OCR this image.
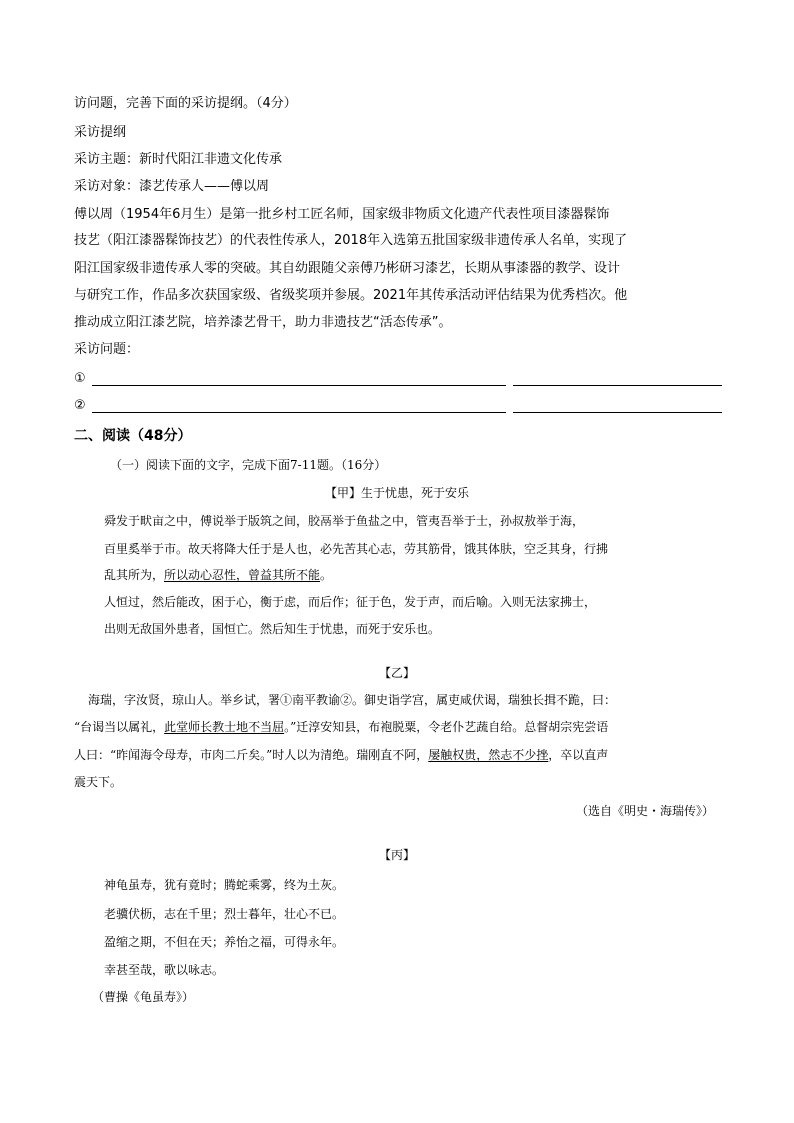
访问题，完善下面的采访提纲。（4分）
采访提纲
采访主题：新时代阳江非遗文化传承
采访对象：漆艺传承人——傅以周
傅以周（1954年6月生）是第一批乡村工匠名师，国家级非物质文化遗产代表性项目漆器髹饰
技艺（阳江漆器髹饰技艺）的代表性传承人，2018年入选第五批国家级非遗传承人名单，实现了
阳江国家级非遗传承人零的突破。其自幼跟随父亲傅乃彬研习漆艺，长期从事漆器的教学、设计
与研究工作，作品多次获国家级、省级奖项并参展。2021年其传承活动评估结果为优秀档次。他
推动成立阳江漆艺院，培养漆艺骨干，助力非遗技艺“活态传承”。
采访问题：
①
②
二、阅读（48分）
（一）阅读下面的文字，完成下面7-11题。（16分）
【甲】生于忧患，死于安乐
舜发于畎亩之中，傅说举于版筑之间，胶鬲举于鱼盐之中，管夷吾举于士，孙叔敖举于海，
百里奚举于市。故天将降大任于是人也，必先苦其心志，劳其筋骨，饿其体肤，空乏其身，行拂
乱其所为，所以动心忍性，曾益其所不能。
人恒过，然后能改，困于心，衡于虑，而后作；征于色，发于声，而后喻。入则无法家拂士，
出则无敌国外患者，国恒亡。然后知生于忧患，而死于安乐也。
【乙】
海瑞，字汝贤，琼山人。举乡试，署①南平教谕②。御史诣学宫，属吏咸伏谒，瑞独长揖不跪，曰：
“台谒当以属礼，此堂师长教士地不当屈。”迁淳安知县，布袍脱粟，令老仆艺蔬自给。总督胡宗宪尝语
人曰：“昨闻海令母寿，市肉二斤矣。”时人以为清绝。瑞刚直不阿，屡触权贵，然志不少挫，卒以直声
震天下。
（选自《明史・海瑞传》）
【丙】
神龟虽寿，犹有竟时；腾蛇乘雾，终为土灰。
老骥伏枥，志在千里；烈士暮年，壮心不已。
盈缩之期，不但在天；养怡之福，可得永年。
幸甚至哉，歌以咏志。
（曹操《龟虽寿》）
